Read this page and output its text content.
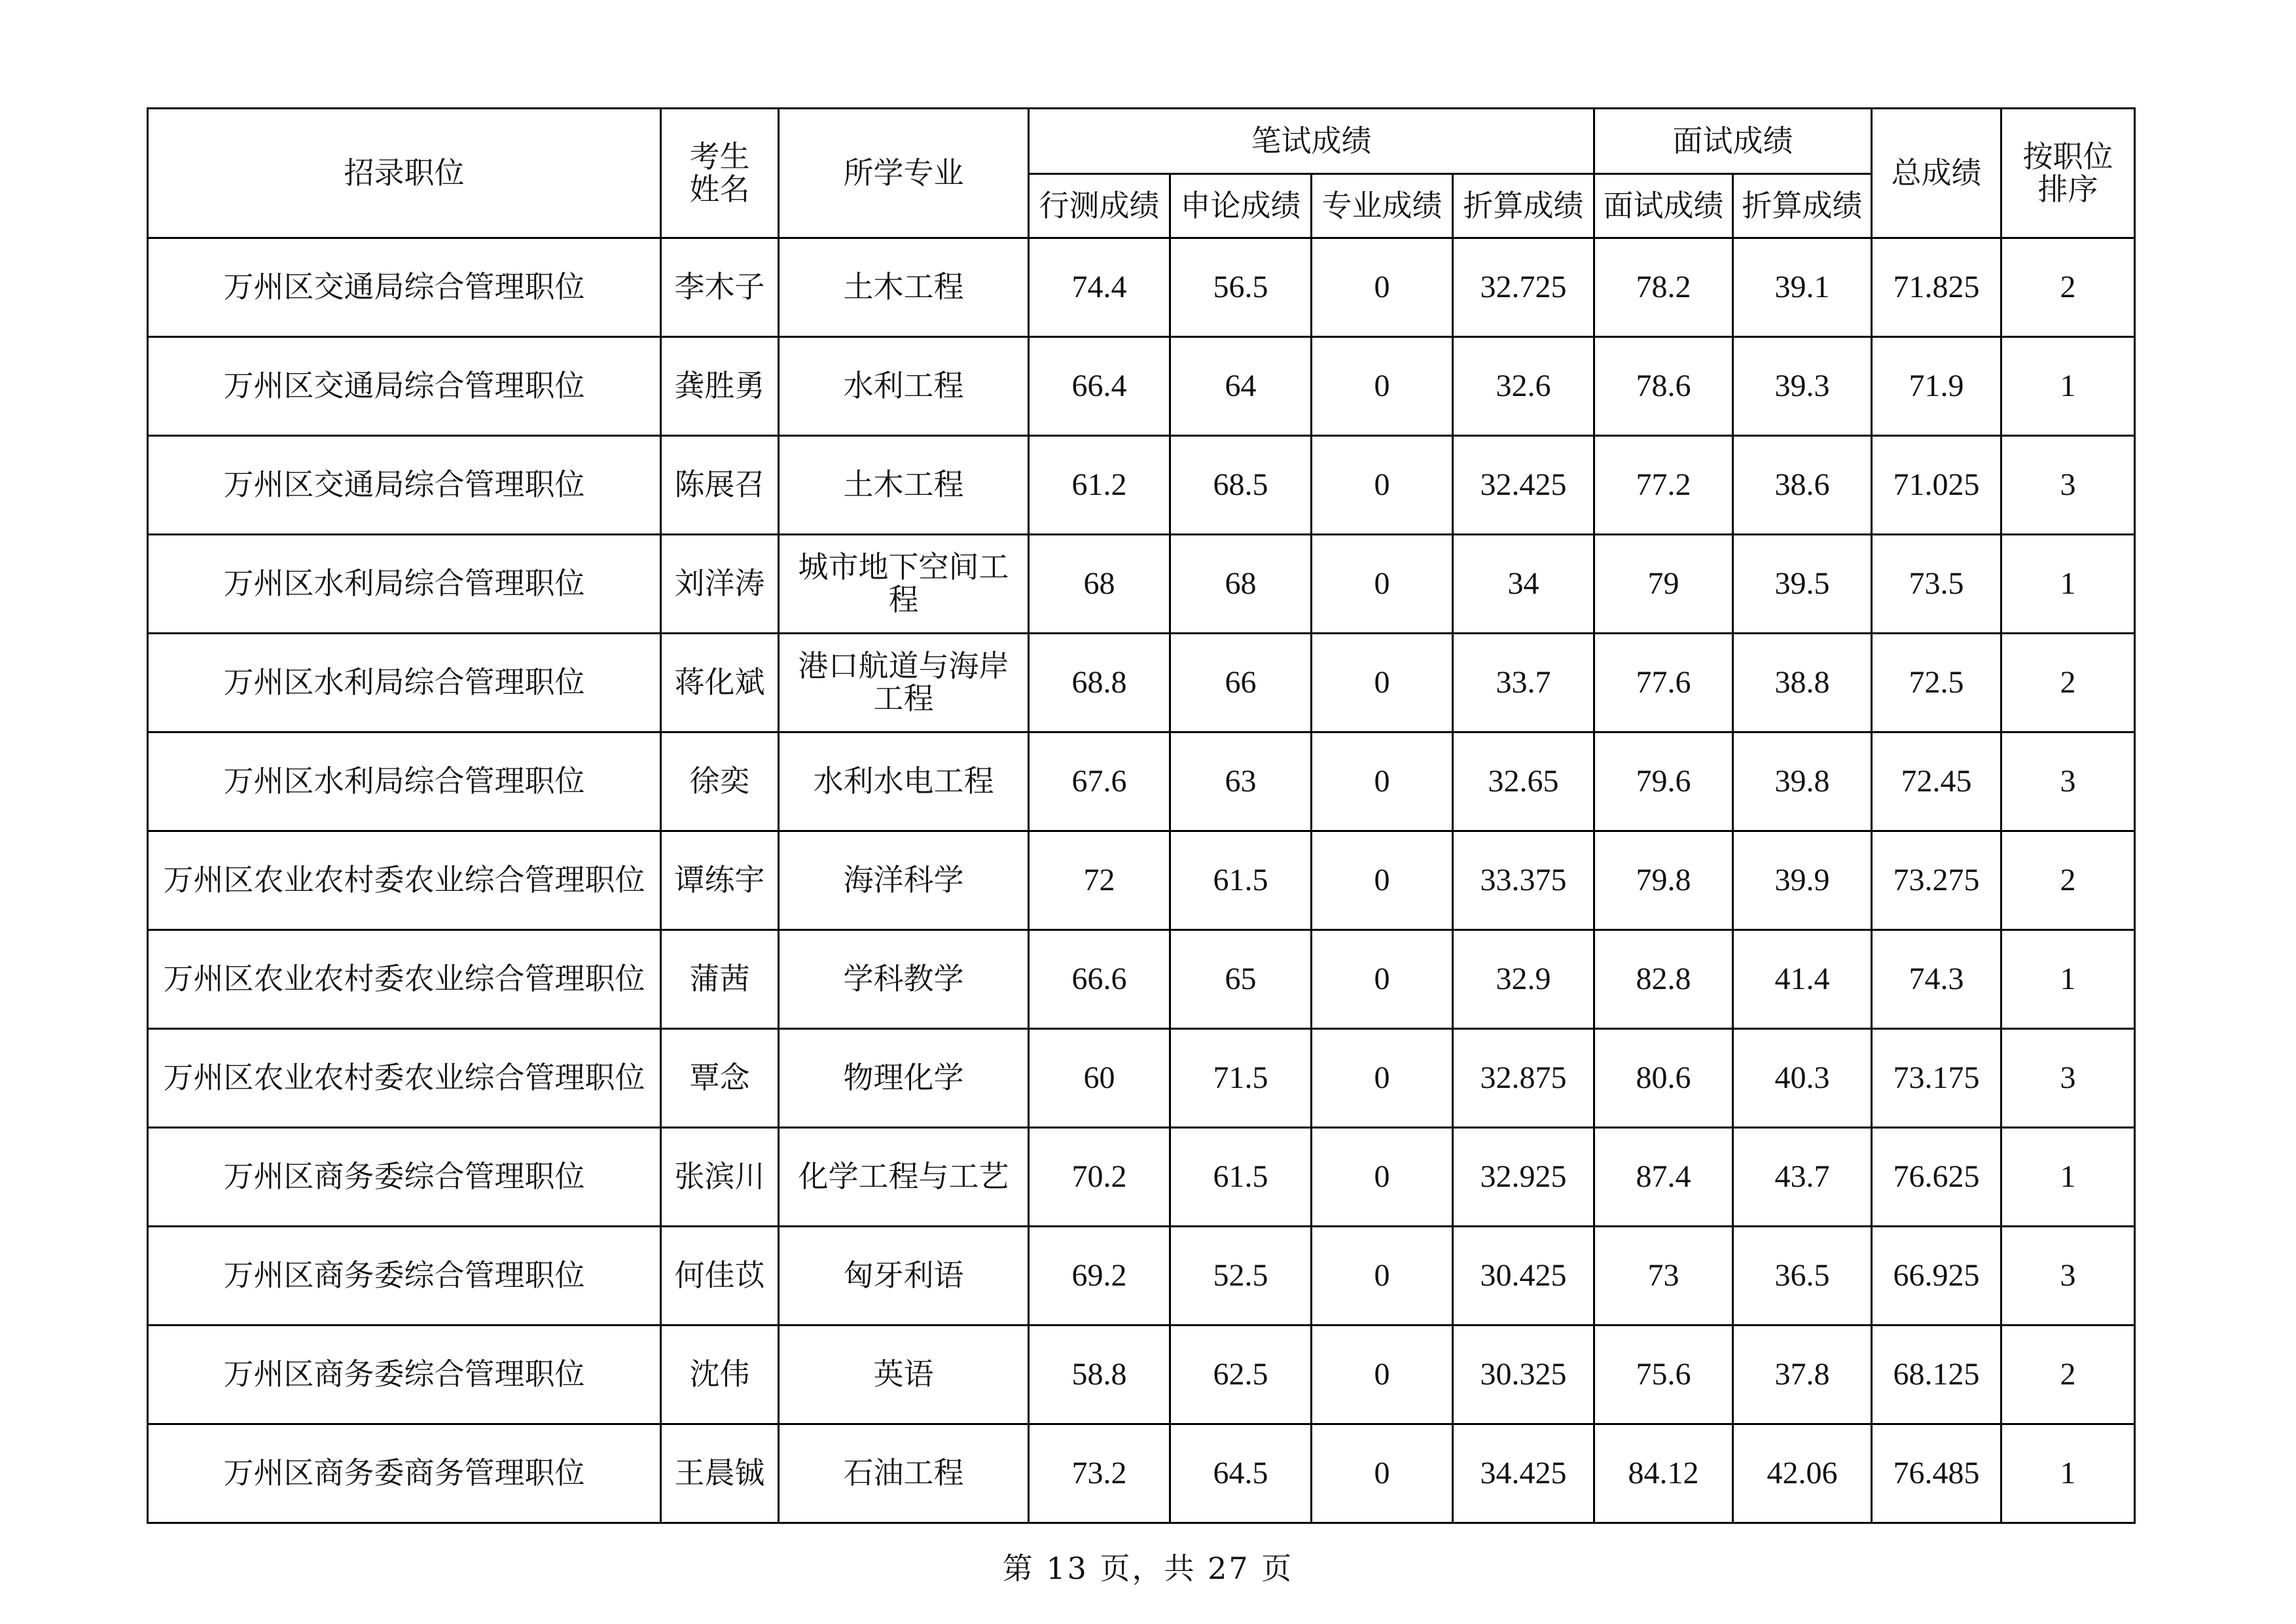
招录职位	考生姓名	所学专业	笔试成绩				面试成绩		总成绩	按职位排序
			行测成绩	申论成绩	专业成绩	折算成绩	面试成绩	折算成绩		
万州区交通局综合管理职位	李木子	土木工程	74.4	56.5	0	32.725	78.2	39.1	71.825	2
万州区交通局综合管理职位	龚胜勇	水利工程	66.4	64	0	32.6	78.6	39.3	71.9	1
万州区交通局综合管理职位	陈展召	土木工程	61.2	68.5	0	32.425	77.2	38.6	71.025	3
万州区水利局综合管理职位	刘洋涛	城市地下空间工程	68	68	0	34	79	39.5	73.5	1
万州区水利局综合管理职位	蒋化斌	港口航道与海岸工程	68.8	66	0	33.7	77.6	38.8	72.5	2
万州区水利局综合管理职位	徐奕	水利水电工程	67.6	63	0	32.65	79.6	39.8	72.45	3
万州区农业农村委农业综合管理职位	谭练宇	海洋科学	72	61.5	0	33.375	79.8	39.9	73.275	2
万州区农业农村委农业综合管理职位	蒲茜	学科教学	66.6	65	0	32.9	82.8	41.4	74.3	1
万州区农业农村委农业综合管理职位	覃念	物理化学	60	71.5	0	32.875	80.6	40.3	73.175	3
万州区商务委综合管理职位	张滨川	化学工程与工艺	70.2	61.5	0	32.925	87.4	43.7	76.625	1
万州区商务委综合管理职位	何佳苡	匈牙利语	69.2	52.5	0	30.425	73	36.5	66.925	3
万州区商务委综合管理职位	沈伟	英语	58.8	62.5	0	30.325	75.6	37.8	68.125	2
万州区商务委商务管理职位	王晨铖	石油工程	73.2	64.5	0	34.425	84.12	42.06	76.485	1
第 13 页，共 27 页
